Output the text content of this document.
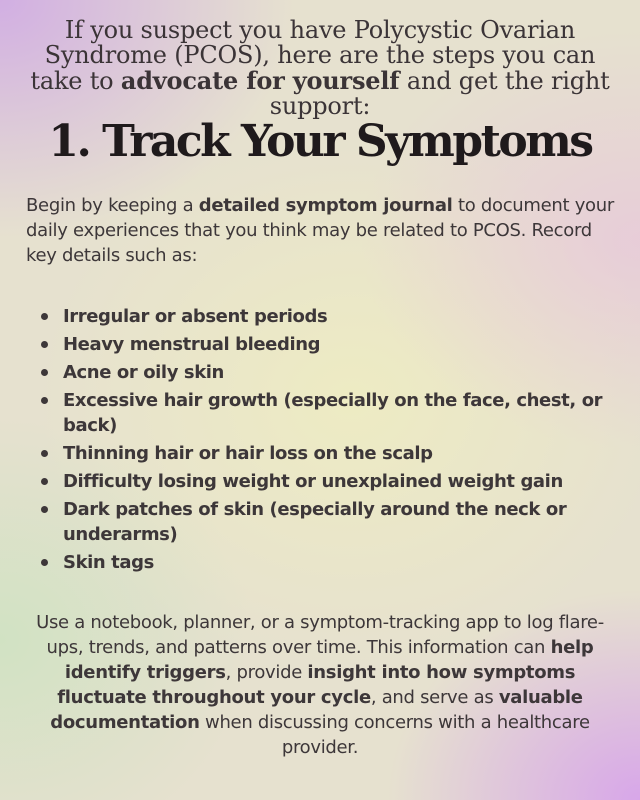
If you suspect you have Polycystic Ovarian Syndrome (PCOS), here are the steps you can take to advocate for yourself and get the right support:
1. Track Your Symptoms
Begin by keeping a detailed symptom journal to document your daily experiences that you think may be related to PCOS. Record key details such as:
Irregular or absent periods
Heavy menstrual bleeding
Acne or oily skin
Excessive hair growth (especially on the face, chest, or back)
Thinning hair or hair loss on the scalp
Difficulty losing weight or unexplained weight gain
Dark patches of skin (especially around the neck or underarms)
Skin tags
Use a notebook, planner, or a symptom-tracking app to log flare-ups, trends, and patterns over time. This information can help identify triggers, provide insight into how symptoms fluctuate throughout your cycle, and serve as valuable documentation when discussing concerns with a healthcare provider.
